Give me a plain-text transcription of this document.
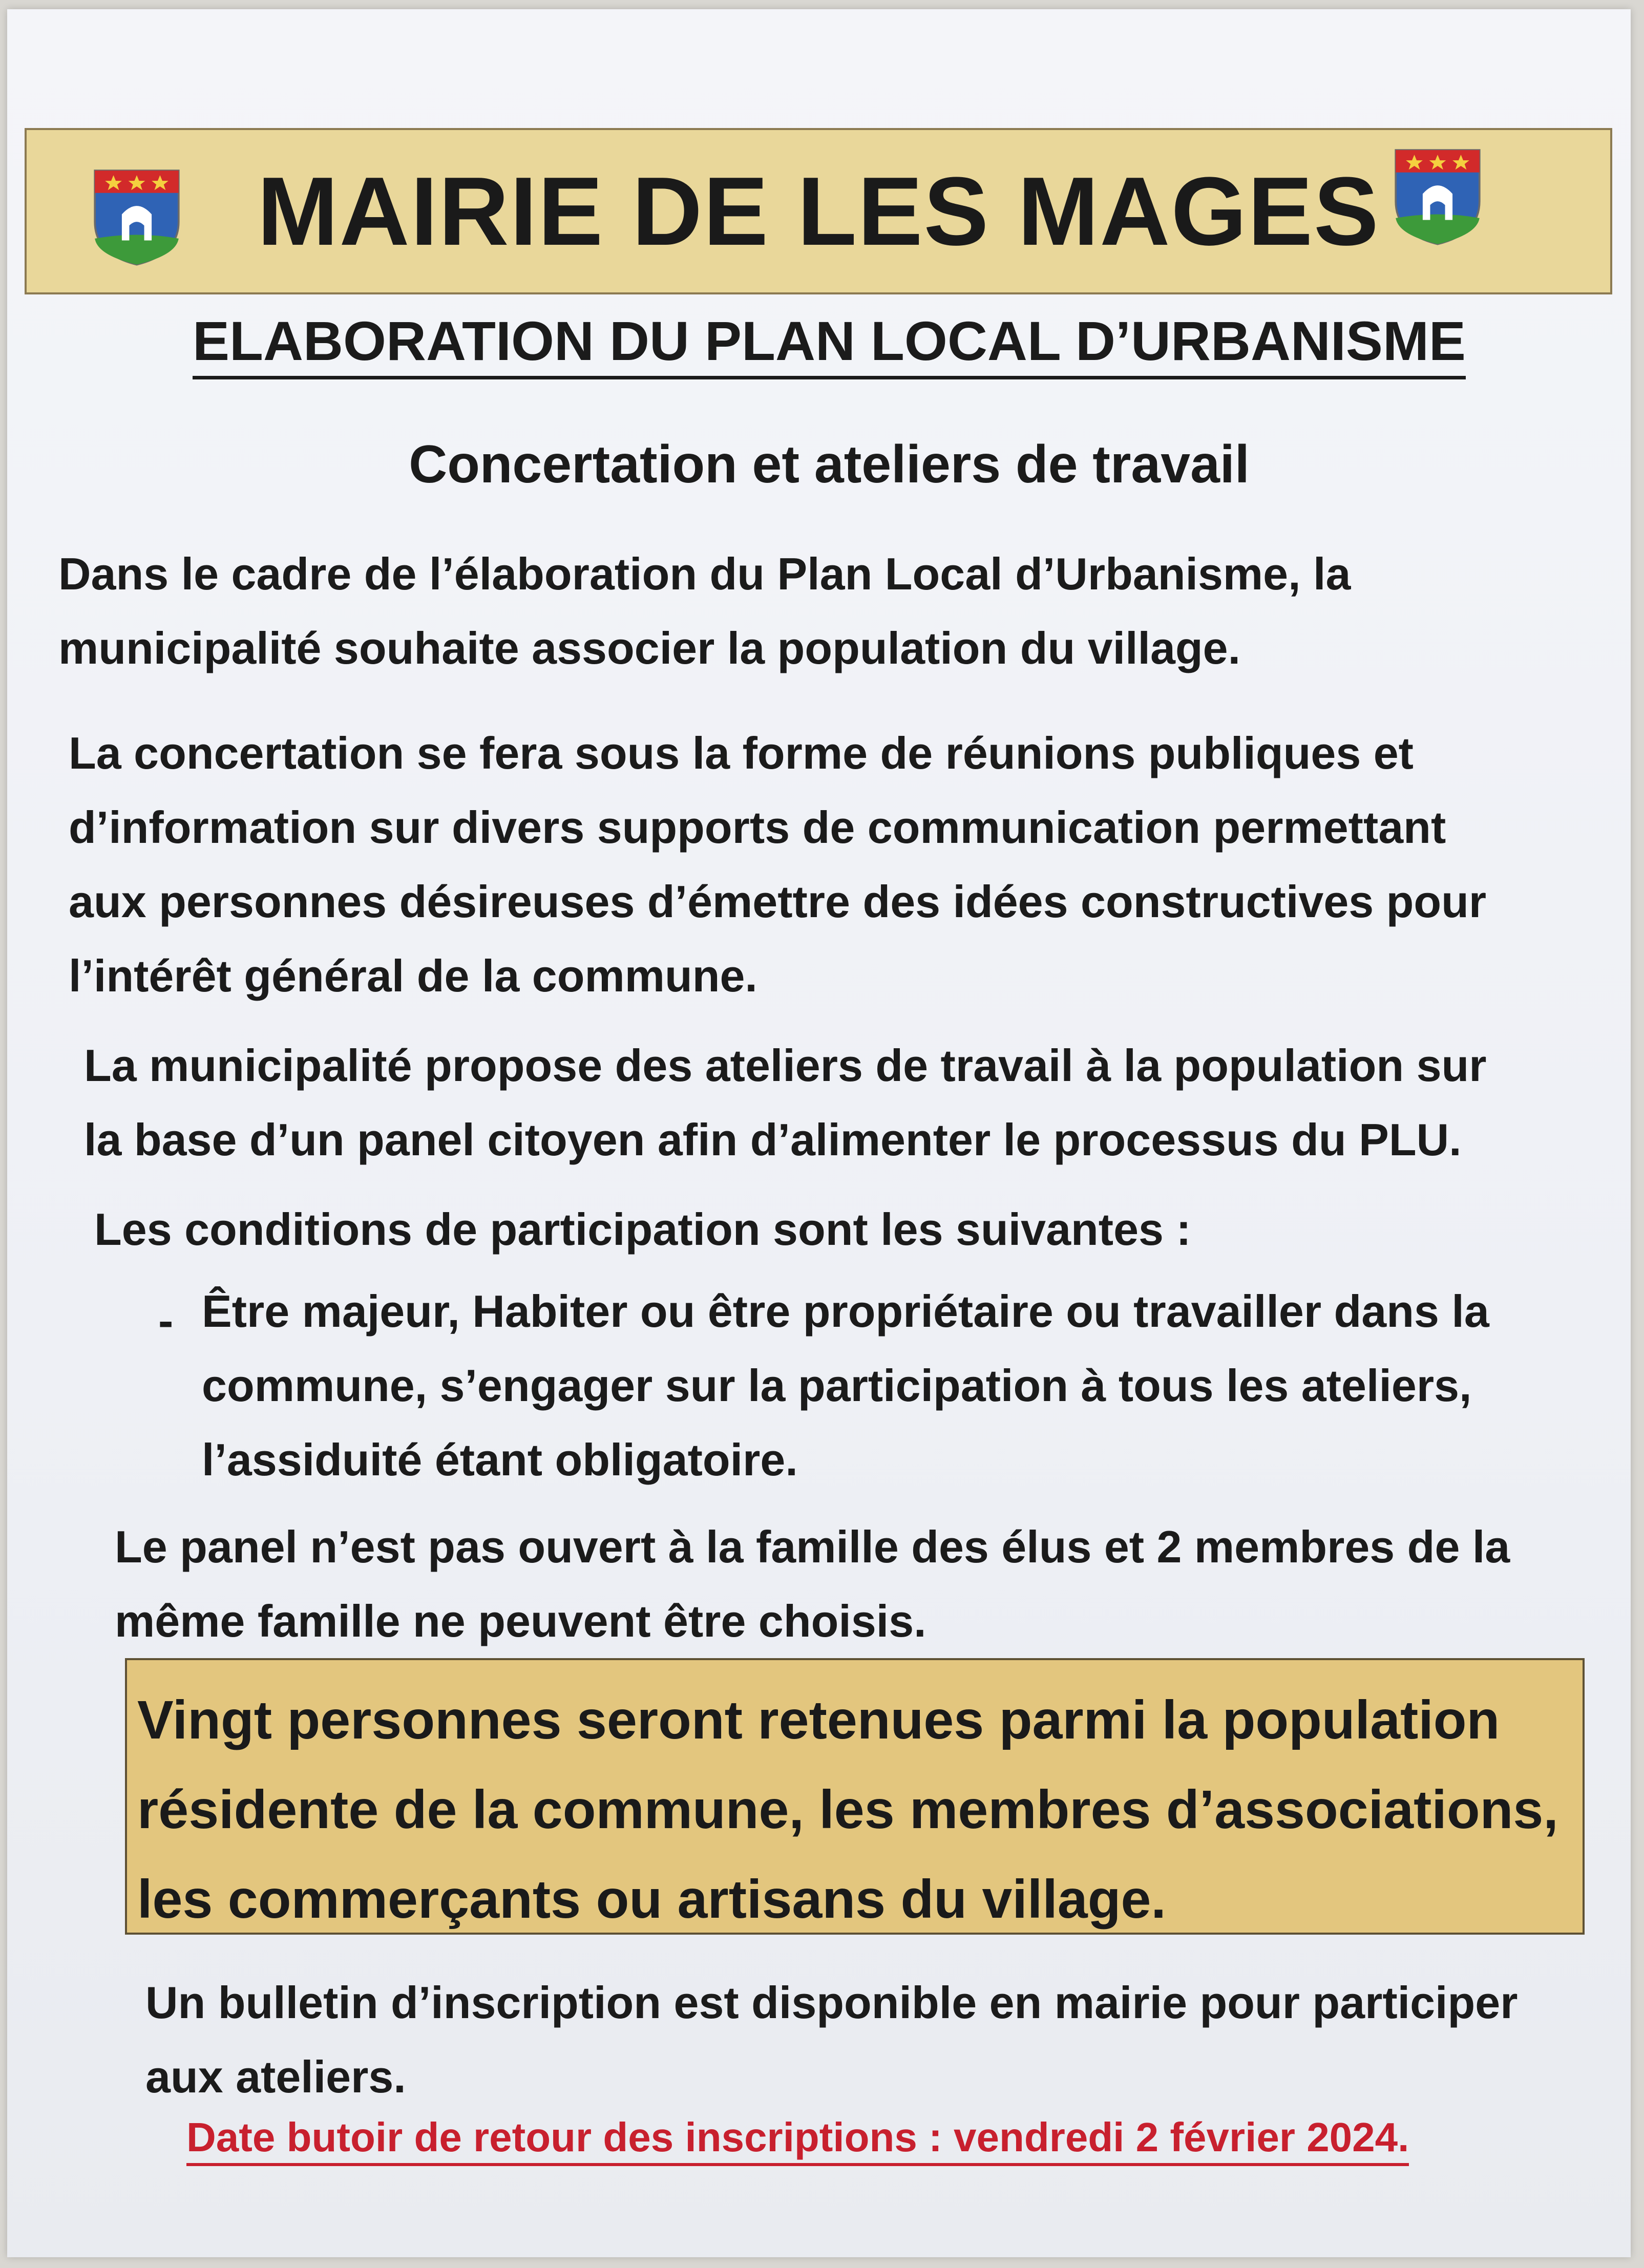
MAIRIE DE LES MAGES
ELABORATION DU PLAN LOCAL D’URBANISME
Concertation et ateliers de travail
Dans le cadre de l’élaboration du Plan Local d’Urbanisme, la
municipalité souhaite associer la population du village.
La concertation se fera sous la forme de réunions publiques et
d’information sur divers supports de communication permettant
aux personnes désireuses d’émettre des idées constructives pour
l’intérêt général de la commune.
La municipalité propose des ateliers de travail à la population sur
la base d’un panel citoyen afin d’alimenter le processus du PLU.
Les conditions de participation sont les suivantes :
- Être majeur, Habiter ou être propriétaire ou travailler dans la
commune, s’engager sur la participation à tous les ateliers,
l’assiduité étant obligatoire.
Le panel n’est pas ouvert à la famille des élus et 2 membres de la
même famille ne peuvent être choisis.
Vingt personnes seront retenues parmi la population
résidente de la commune, les membres d’associations,
les commerçants ou artisans du village.
Un bulletin d’inscription est disponible en mairie pour participer
aux ateliers.
Date butoir de retour des inscriptions : vendredi 2 février 2024.
